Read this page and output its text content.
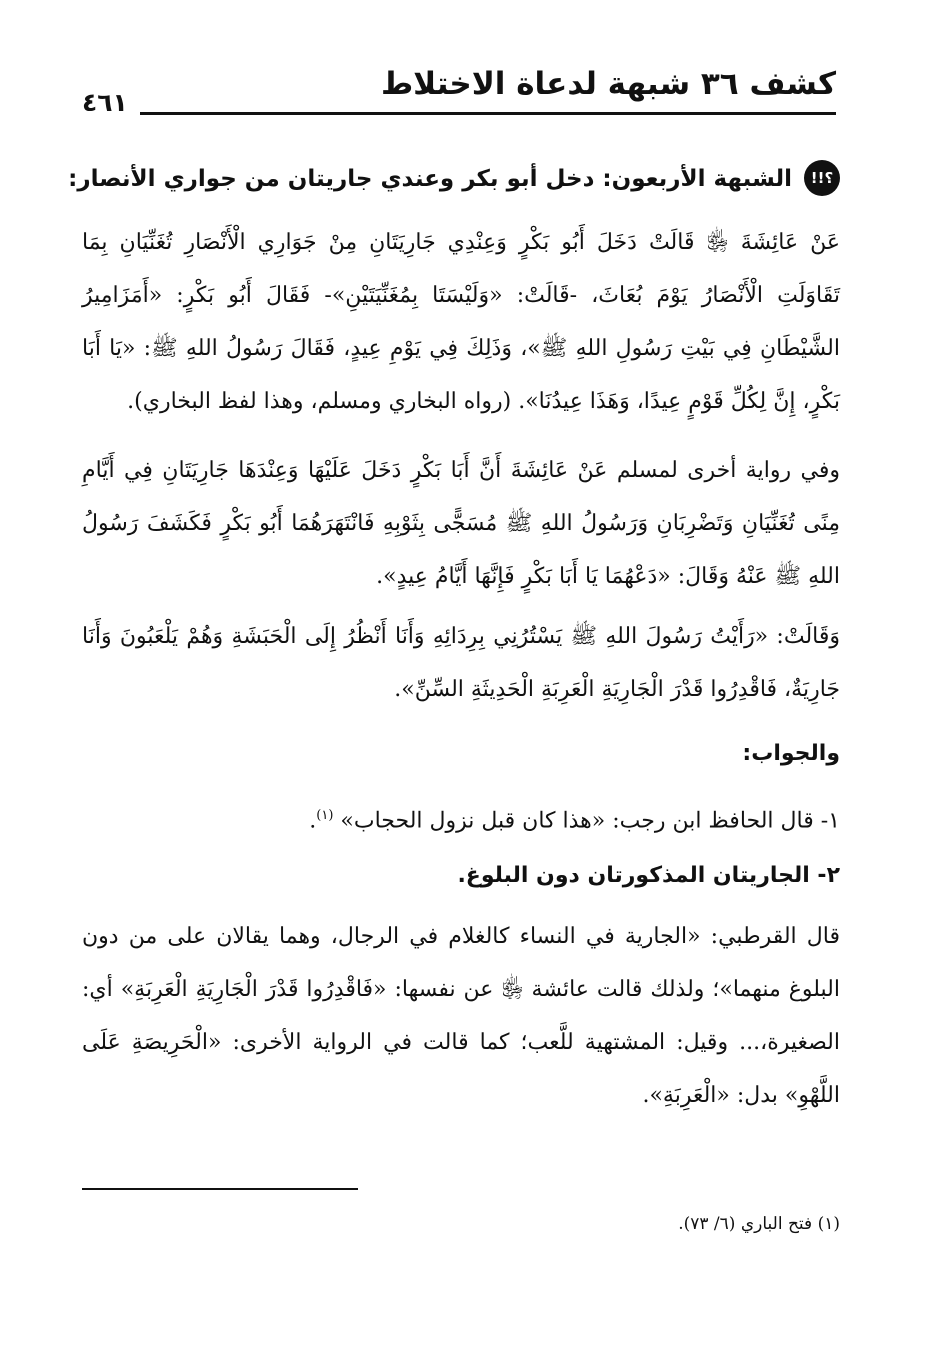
كشف ٣٦ شبهة لدعاة الاختلاط
٤٦١
!!؟
الشبهة الأربعون: دخل أبو بكر وعندي جاريتان من جواري الأنصار:

عَنْ عَائِشَةَ ﵂ قَالَتْ دَخَلَ أَبُو بَكْرٍ وَعِنْدِي جَارِيَتَانِ مِنْ جَوَارِي الْأَنْصَارِ تُغَنِّيَانِ بِمَا تَقَاوَلَتِ الْأَنْصَارُ يَوْمَ بُعَاثَ، -قَالَتْ: «وَلَيْسَتَا بِمُغَنِّيَتَيْنِ»- فَقَالَ أَبُو بَكْرٍ: «أَمَزَامِيرُ الشَّيْطَانِ فِي بَيْتِ رَسُولِ اللهِ ﷺ»، وَذَلِكَ فِي يَوْمِ عِيدٍ، فَقَالَ رَسُولُ اللهِ ﷺ: «يَا أَبَا بَكْرٍ، إِنَّ لِكُلِّ قَوْمٍ عِيدًا، وَهَذَا عِيدُنَا». (رواه البخاري ومسلم، وهذا لفظ البخاري).

وفي رواية أخرى لمسلم عَنْ عَائِشَةَ أَنَّ أَبَا بَكْرٍ دَخَلَ عَلَيْهَا وَعِنْدَهَا جَارِيَتَانِ فِي أَيَّامِ مِنًى تُغَنِّيَانِ وَتَضْرِبَانِ وَرَسُولُ اللهِ ﷺ مُسَجًّى بِثَوْبِهِ فَانْتَهَرَهُمَا أَبُو بَكْرٍ فَكَشَفَ رَسُولُ اللهِ ﷺ عَنْهُ وَقَالَ: «دَعْهُمَا يَا أَبَا بَكْرٍ فَإِنَّهَا أَيَّامُ عِيدٍ».

وَقَالَتْ: «رَأَيْتُ رَسُولَ اللهِ ﷺ يَسْتُرُنِي بِرِدَائِهِ وَأَنَا أَنْظُرُ إِلَى الْحَبَشَةِ وَهُمْ يَلْعَبُونَ وَأَنَا جَارِيَةٌ، فَاقْدِرُوا قَدْرَ الْجَارِيَةِ الْعَرِبَةِ الْحَدِيثَةِ السِّنِّ».

والجواب:
١- قال الحافظ ابن رجب: «هذا كان قبل نزول الحجاب» $^{(١)}$.
٢- الجاريتان المذكورتان دون البلوغ.

قال القرطبي: «الجارية في النساء كالغلام في الرجال، وهما يقالان على من دون البلوغ منهما»؛ ولذلك قالت عائشة ﵂ عن نفسها: «فَاقْدِرُوا قَدْرَ الْجَارِيَةِ الْعَرِبَةِ» أي: الصغيرة،... وقيل: المشتهية للَّعب؛ كما قالت في الرواية الأخرى: «الْحَرِيصَةِ عَلَى اللَّهْوِ» بدل: «الْعَرِبَةِ».

(١) فتح الباري (٦/ ٧٣).
